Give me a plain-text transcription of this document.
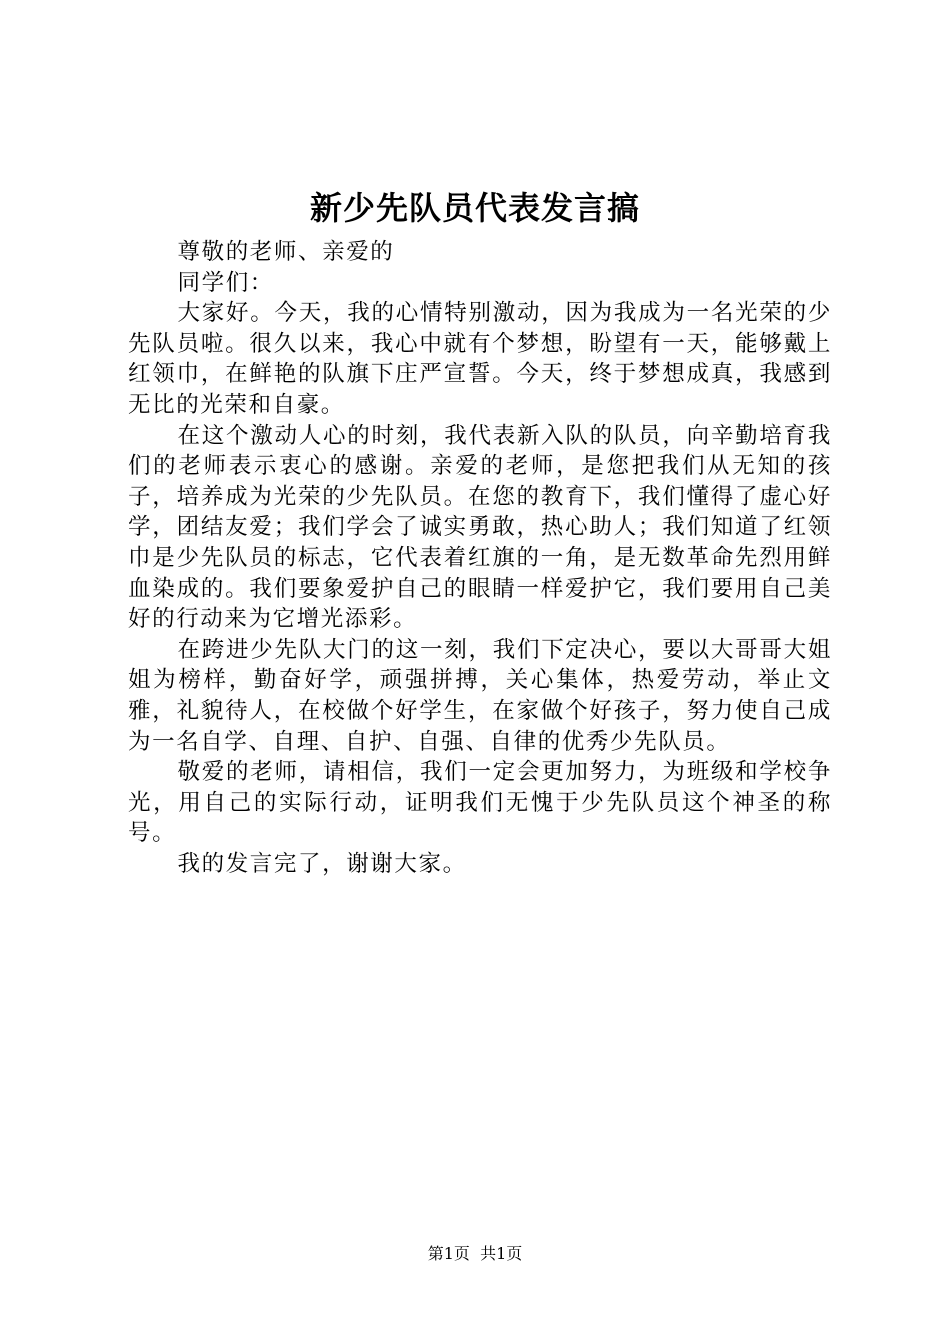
新少先队员代表发言搞

尊敬的老师、亲爱的

同学们：

大家好。今天，我的心情特别激动，因为我成为一名光荣的少先队员啦。很久以来，我心中就有个梦想，盼望有一天，能够戴上红领巾，在鲜艳的队旗下庄严宣誓。今天，终于梦想成真，我感到无比的光荣和自豪。

在这个激动人心的时刻，我代表新入队的队员，向辛勤培育我们的老师表示衷心的感谢。亲爱的老师，是您把我们从无知的孩子，培养成为光荣的少先队员。在您的教育下，我们懂得了虚心好学，团结友爱；我们学会了诚实勇敢，热心助人；我们知道了红领巾是少先队员的标志，它代表着红旗的一角，是无数革命先烈用鲜血染成的。我们要象爱护自己的眼睛一样爱护它，我们要用自己美好的行动来为它增光添彩。

在跨进少先队大门的这一刻，我们下定决心，要以大哥哥大姐姐为榜样，勤奋好学，顽强拼搏，关心集体，热爱劳动，举止文雅，礼貌待人，在校做个好学生，在家做个好孩子，努力使自己成为一名自学、自理、自护、自强、自律的优秀少先队员。

敬爱的老师，请相信，我们一定会更加努力，为班级和学校争光，用自己的实际行动，证明我们无愧于少先队员这个神圣的称号。

我的发言完了，谢谢大家。

第1页 共1页
